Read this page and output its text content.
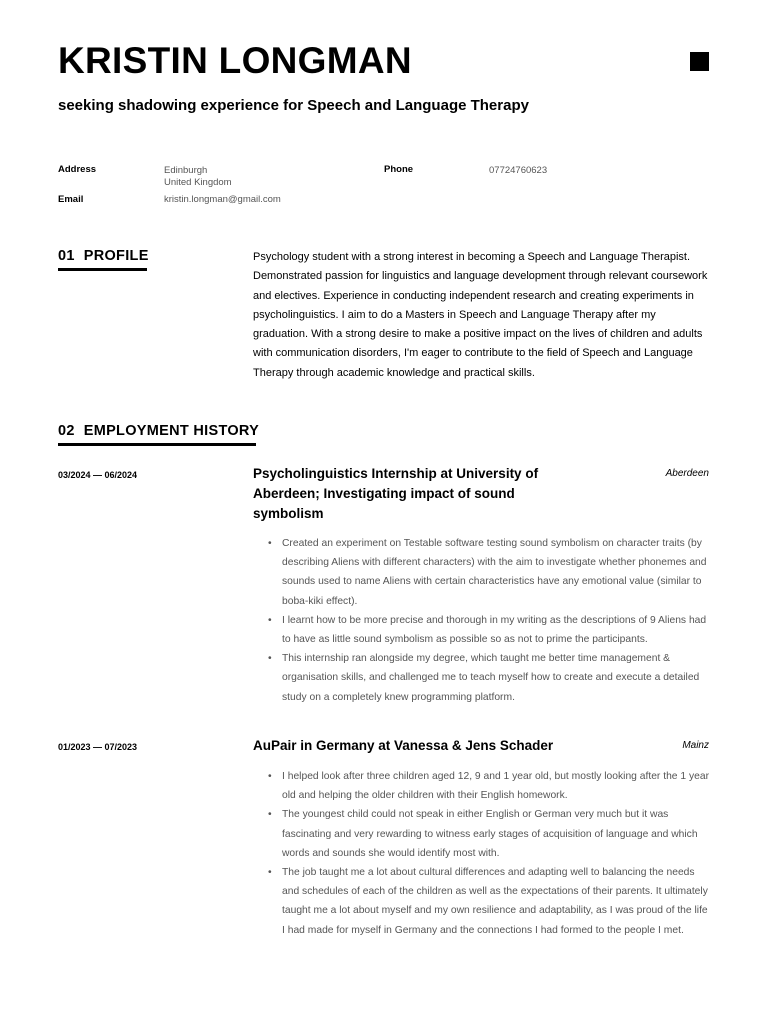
KRISTIN LONGMAN
seeking shadowing experience for Speech and Language Therapy
Address	Edinburgh
United Kingdom
Phone	07724760623
Email	kristin.longman@gmail.com
01 PROFILE	Psychology student with a strong interest in becoming a Speech and Language Therapist. Demonstrated passion for linguistics and language development through relevant coursework and electives. Experience in conducting independent research and creating experiments in psycholinguistics. I aim to do a Masters in Speech and Language Therapy after my graduation. With a strong desire to make a positive impact on the lives of children and adults with communication disorders, I'm eager to contribute to the field of Speech and Language Therapy through academic knowledge and practical skills.

02 EMPLOYMENT HISTORY
03/2024 — 06/2024	Psycholinguistics Internship at University of Aberdeen; Investigating impact of sound symbolism
Aberdeen
• Created an experiment on Testable software testing sound symbolism on character traits (by describing Aliens with different characters) with the aim to investigate whether phonemes and sounds used to name Aliens with certain characteristics have any emotional value (similar to boba-kiki effect).
• I learnt how to be more precise and thorough in my writing as the descriptions of 9 Aliens had to have as little sound symbolism as possible so as not to prime the participants.
• This internship ran alongside my degree, which taught me better time management & organisation skills, and challenged me to teach myself how to create and execute a detailed study on a completely knew programming platform.
01/2023 — 07/2023	AuPair in Germany at Vanessa & Jens Schader	Mainz
• I helped look after three children aged 12, 9 and 1 year old, but mostly looking after the 1 year old and helping the older children with their English homework.
• The youngest child could not speak in either English or German very much but it was fascinating and very rewarding to witness early stages of acquisition of language and which words and sounds she would identify most with.
• The job taught me a lot about cultural differences and adapting well to balancing the needs and schedules of each of the children as well as the expectations of their parents. It ultimately taught me a lot about myself and my own resilience and adaptability, as I was proud of the life I had made for myself in Germany and the connections I had formed to the people I met.
